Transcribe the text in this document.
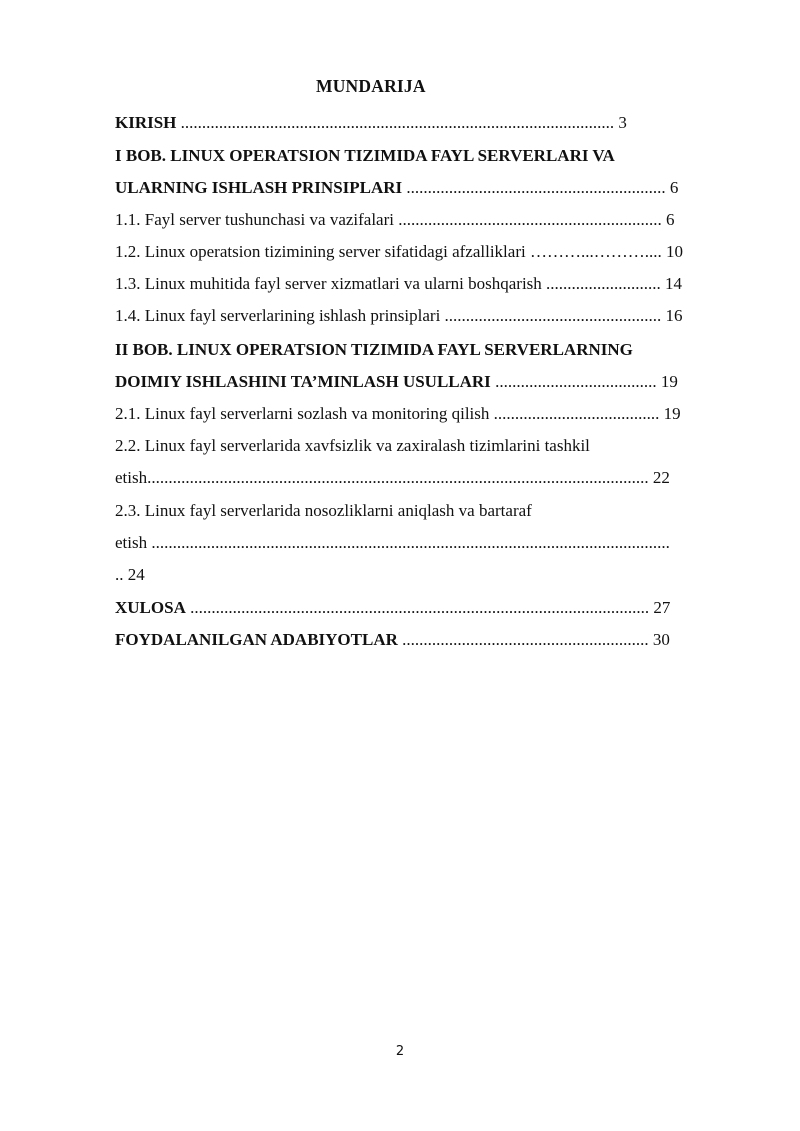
MUNDARIJA
KIRISH ...................................................................................................... 3
I BOB. LINUX OPERATSION TIZIMIDA FAYL SERVERLARI VA
ULARNING ISHLASH PRINSIPLARI ............................................................. 6
1.1. Fayl server tushunchasi va vazifalari .............................................................. 6
1.2. Linux operatsion tizimining server sifatidagi afzalliklari ………...……….... 10
1.3. Linux muhitida fayl server xizmatlari va ularni boshqarish ........................... 14
1.4. Linux fayl serverlarining ishlash prinsiplari ................................................... 16
II BOB. LINUX OPERATSION TIZIMIDA FAYL SERVERLARNING
DOIMIY ISHLASHINI TA’MINLASH USULLARI ...................................... 19
2.1. Linux fayl serverlarni sozlash va monitoring qilish ....................................... 19
2.2. Linux fayl serverlarida xavfsizlik va zaxiralash tizimlarini tashkil
etish...................................................................................................................... 22
2.3. Linux fayl serverlarida nosozliklarni aniqlash va bartaraf
etish ..........................................................................................................................
.. 24
XULOSA ............................................................................................................ 27
FOYDALANILGAN ADABIYOTLAR .......................................................... 30
2
